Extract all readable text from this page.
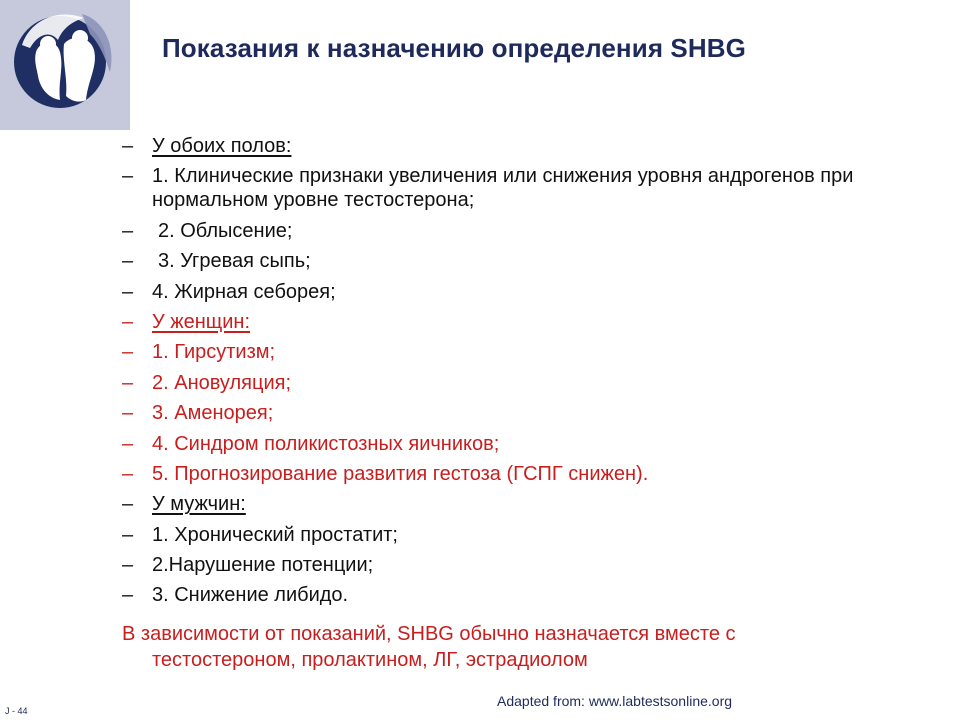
Показания к назначению определения SHBG
– У обоих полов:
– 1. Клинические признаки увеличения или снижения уровня андрогенов при нормальном уровне тестостерона;
–	2. Облысение;
–	3. Угревая сыпь;
– 4. Жирная себорея;
– У женщин:
– 1. Гирсутизм;
– 2. Ановуляция;
– 3. Аменорея;
– 4. Синдром поликистозных яичников;
– 5. Прогнозирование развития гестоза (ГСПГ снижен).
– У мужчин:
– 1. Хронический простатит;
– 2.Нарушение потенции;
– 3. Снижение либидо.
В зависимости от показаний, SHBG обычно назначается вместе с
тестостероном, пролактином, ЛГ, эстрадиолом
Adapted from: www.labtestsonline.org
J - 44
